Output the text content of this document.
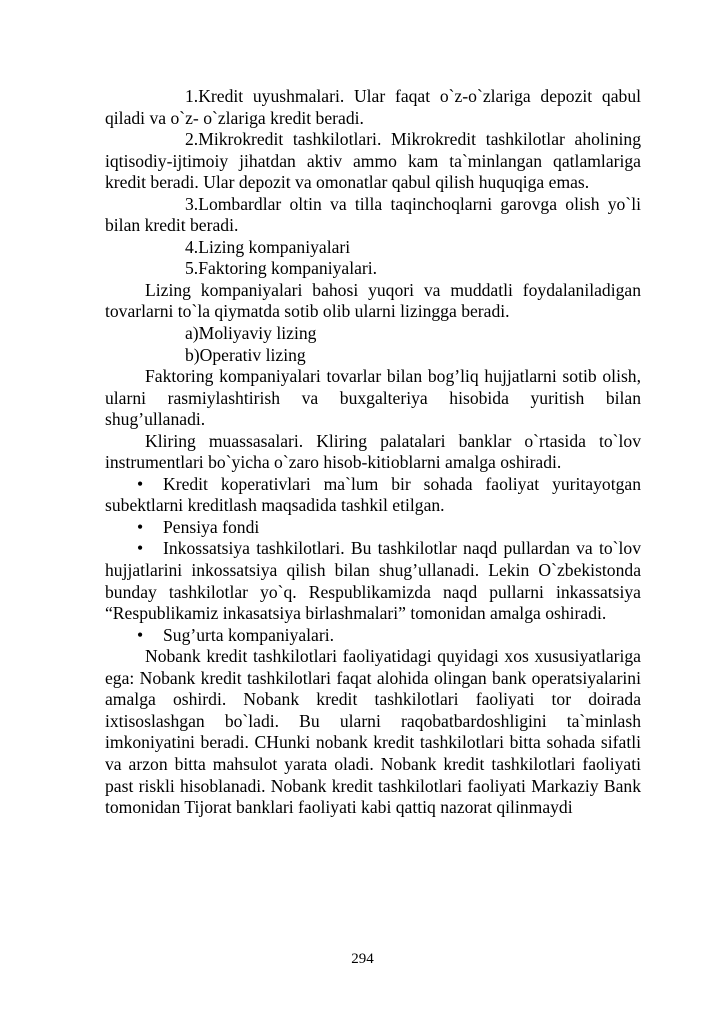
1.Kredit uyushmalari. Ular faqat o`z-o`zlariga depozit qabul qiladi va o`z- o`zlariga kredit beradi.

2.Mikrokredit tashkilotlari. Mikrokredit tashkilotlar aholining iqtisodiy-ijtimoiy jihatdan aktiv ammo kam ta`minlangan qatlamlariga kredit beradi. Ular depozit va omonatlar qabul qilish huquqiga emas.

3.Lombardlar oltin va tilla taqinchoqlarni garovga olish yo`li bilan kredit beradi.

4.Lizing kompaniyalari

5.Faktoring kompaniyalari.

Lizing kompaniyalari bahosi yuqori va muddatli foydalaniladigan tovarlarni to`la qiymatda sotib olib ularni lizingga beradi.

a)Moliyaviy lizing

b)Operativ lizing

Faktoring kompaniyalari tovarlar bilan bog’liq hujjatlarni sotib olish, ularni rasmiylashtirish va buxgalteriya hisobida yuritish bilan shug’ullanadi.

Kliring muassasalari. Kliring palatalari banklar o`rtasida to`lov instrumentlari bo`yicha o`zaro hisob-kitioblarni amalga oshiradi.

• Kredit koperativlari ma`lum bir sohada faoliyat yuritayotgan subektlarni kreditlash maqsadida tashkil etilgan.

• Pensiya fondi

• Inkossatsiya tashkilotlari. Bu tashkilotlar naqd pullardan va to`lov hujjatlarini inkossatsiya qilish bilan shug’ullanadi. Lekin O`zbekistonda bunday tashkilotlar yo`q. Respublikamizda naqd pullarni inkassatsiya “Respublikamiz inkasatsiya birlashmalari” tomonidan amalga oshiradi.

• Sug’urta kompaniyalari.

Nobank kredit tashkilotlari faoliyatidagi quyidagi xos xususiyatlariga ega: Nobank kredit tashkilotlari faqat alohida olingan bank operatsiyalarini amalga oshirdi. Nobank kredit tashkilotlari faoliyati tor doirada ixtisoslashgan bo`ladi. Bu ularni raqobatbardoshligini ta`minlash imkoniyatini beradi. CHunki nobank kredit tashkilotlari bitta sohada sifatli va arzon bitta mahsulot yarata oladi. Nobank kredit tashkilotlari faoliyati past riskli hisoblanadi. Nobank kredit tashkilotlari faoliyati Markaziy Bank tomonidan Tijorat banklari faoliyati kabi qattiq nazorat qilinmaydi

294
